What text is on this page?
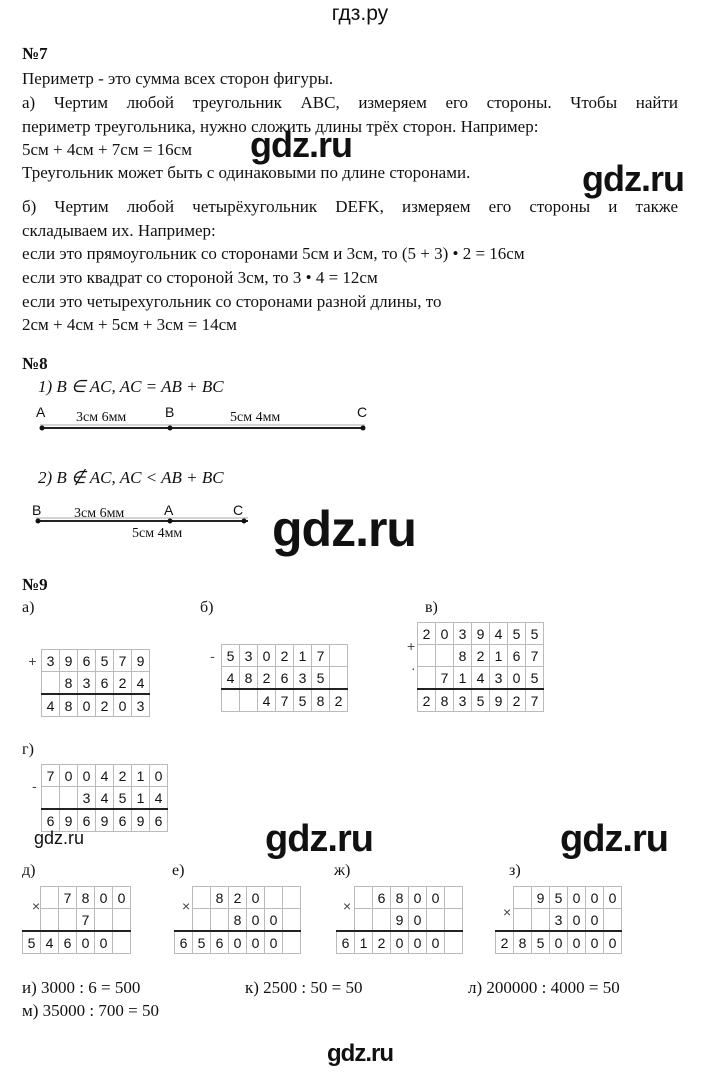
гдз.ру
№7
Периметр - это сумма всех сторон фигуры.
а) Чертим любой треугольник ABC, измеряем его стороны. Чтобы найти
периметр треугольника, нужно сложить длины трёх сторон. Например:
5см + 4см + 7см = 16см gdz.ru
Треугольник может быть с одинаковыми по длине сторонами.	gdz.ru
б) Чертим любой четырёхугольник DEFK, измеряем его стороны и также
складываем их. Например:
если это прямоугольник со сторонами 5см и 3см, то (5 + 3) • 2 = 16см
если это квадрат со стороной 3см, то 3 • 4 = 12см
если это четырехугольник со сторонами разной длины, то
2см + 4см + 5см + 3см = 14см
№8
1) B ∈ AC, AC = AB + BC
A	B	C
3см 6мм	5см 4мм
2) B ∉ AC, AC < AB + BC
B	A	C
3см 6мм
5см 4мм gdz.ru
№9
а)	б)	в)
+	3	9	6	5	7	9
		8	3	6	2	4
	4	8	0	2	0	3
-	5	3	0	2	1	7	
	4	8	2	6	3	5	
			4	7	5	8	2
+
·
	2	0	3	9	4	5	5
			8	2	1	6	7
		7	1	4	3	0	5
	2	8	3	5	9	2	7
г)
-
	7	0	0	4	2	1	0
			3	4	5	1	4
	6	9	6	9	6	9	6
gdz.ru	gdz.ru	gdz.ru
д)	е)	ж)	з)
×
		7	8	0	0
			7		
5	4	6	0	0	
×
		8	2	0		
			8	0	0	
6	5	6	0	0	0	
×
		6	8	0	0	
			9	0		
6	1	2	0	0	0	
×
		9	5	0	0	0
			3	0	0	
2	8	5	0	0	0	0
и) 3000 : 6 = 500	к) 2500 : 50 = 50	л) 200000 : 4000 = 50
м) 35000 : 700 = 50
gdz.ru
